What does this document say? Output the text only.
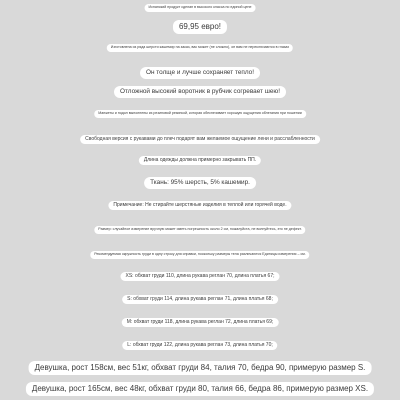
Испанский продукт сделан в высокого класса по единой цене
69,95 евро!
Изготовлена из ряда шерсти кашемир на заказ, вас может (не сложно), он вам не переключаются в глазах
Он толще и лучше сохраняет тепло!
Отложной высокий воротник в рубчик согревает шею!
Манжеты и подол выполнены из резиновой резинкой, которая обеспечивает хорошую ощущения облегания при ношении
Свободная версия с рукавами до плеч подарят вам желаемое ощущение лени и расслабленности
Длина одежды должна примерно закрывать ПП.
Ткань: 95% шерсть, 5% кашемир.
Примечание: Не стирайте шерстяные изделия в теплой или горячей воде.
Размер: случайное измерение вручную может иметь погрешность около 2 см, пожалуйста, не волнуйтесь, это не дефект.
Рекомендуемая окружность груди в одну строку для справки, поскольку размеры тела различаются Единицы измерения – см.
XS: обхват груди 110, длина рукава реглан 70, длина платья 67;
S: обхват груди 114, длина рукава реглан 71, длина платья 68;
M: обхват груди 118, длина рукава реглан 72, длина платья 69;
L: обхват груди 122, длина рукава реглан 73, длина платья 70;
Девушка, рост 158см, вес 51кг, обхват груди 84, талия 70, бедра 90, примерую размер S.
Девушка, рост 165см, вес 48кг, обхват груди 80, талия 66, бедра 86, примерую размер XS.
